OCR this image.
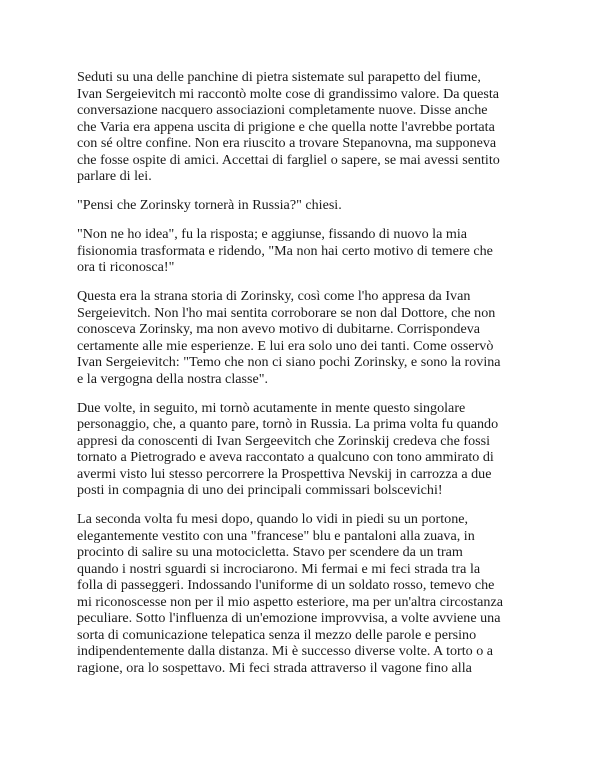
Seduti su una delle panchine di pietra sistemate sul parapetto del fiume,
Ivan Sergeievitch mi raccontò molte cose di grandissimo valore. Da questa
conversazione nacquero associazioni completamente nuove. Disse anche
che Varia era appena uscita di prigione e che quella notte l'avrebbe portata
con sé oltre confine. Non era riuscito a trovare Stepanovna, ma supponeva
che fosse ospite di amici. Accettai di fargliel o sapere, se mai avessi sentito
parlare di lei.

"Pensi che Zorinsky tornerà in Russia?" chiesi.

"Non ne ho idea", fu la risposta; e aggiunse, fissando di nuovo la mia
fisionomia trasformata e ridendo, "Ma non hai certo motivo di temere che
ora ti riconosca!"

Questa era la strana storia di Zorinsky, così come l'ho appresa da Ivan
Sergeievitch. Non l'ho mai sentita corroborare se non dal Dottore, che non
conosceva Zorinsky, ma non avevo motivo di dubitarne. Corrispondeva
certamente alle mie esperienze. E lui era solo uno dei tanti. Come osservò
Ivan Sergeievitch: "Temo che non ci siano pochi Zorinsky, e sono la rovina
e la vergogna della nostra classe".

Due volte, in seguito, mi tornò acutamente in mente questo singolare
personaggio, che, a quanto pare, tornò in Russia. La prima volta fu quando
appresi da conoscenti di Ivan Sergeevitch che Zorinskij credeva che fossi
tornato a Pietrogrado e aveva raccontato a qualcuno con tono ammirato di
avermi visto lui stesso percorrere la Prospettiva Nevskij in carrozza a due
posti in compagnia di uno dei principali commissari bolscevichi!

La seconda volta fu mesi dopo, quando lo vidi in piedi su un portone,
elegantemente vestito con una "francese" blu e pantaloni alla zuava, in
procinto di salire su una motocicletta. Stavo per scendere da un tram
quando i nostri sguardi si incrociarono. Mi fermai e mi feci strada tra la
folla di passeggeri. Indossando l'uniforme di un soldato rosso, temevo che
mi riconoscesse non per il mio aspetto esteriore, ma per un'altra circostanza
peculiare. Sotto l'influenza di un'emozione improvvisa, a volte avviene una
sorta di comunicazione telepatica senza il mezzo delle parole e persino
indipendentemente dalla distanza. Mi è successo diverse volte. A torto o a
ragione, ora lo sospettavo. Mi feci strada attraverso il vagone fino alla
